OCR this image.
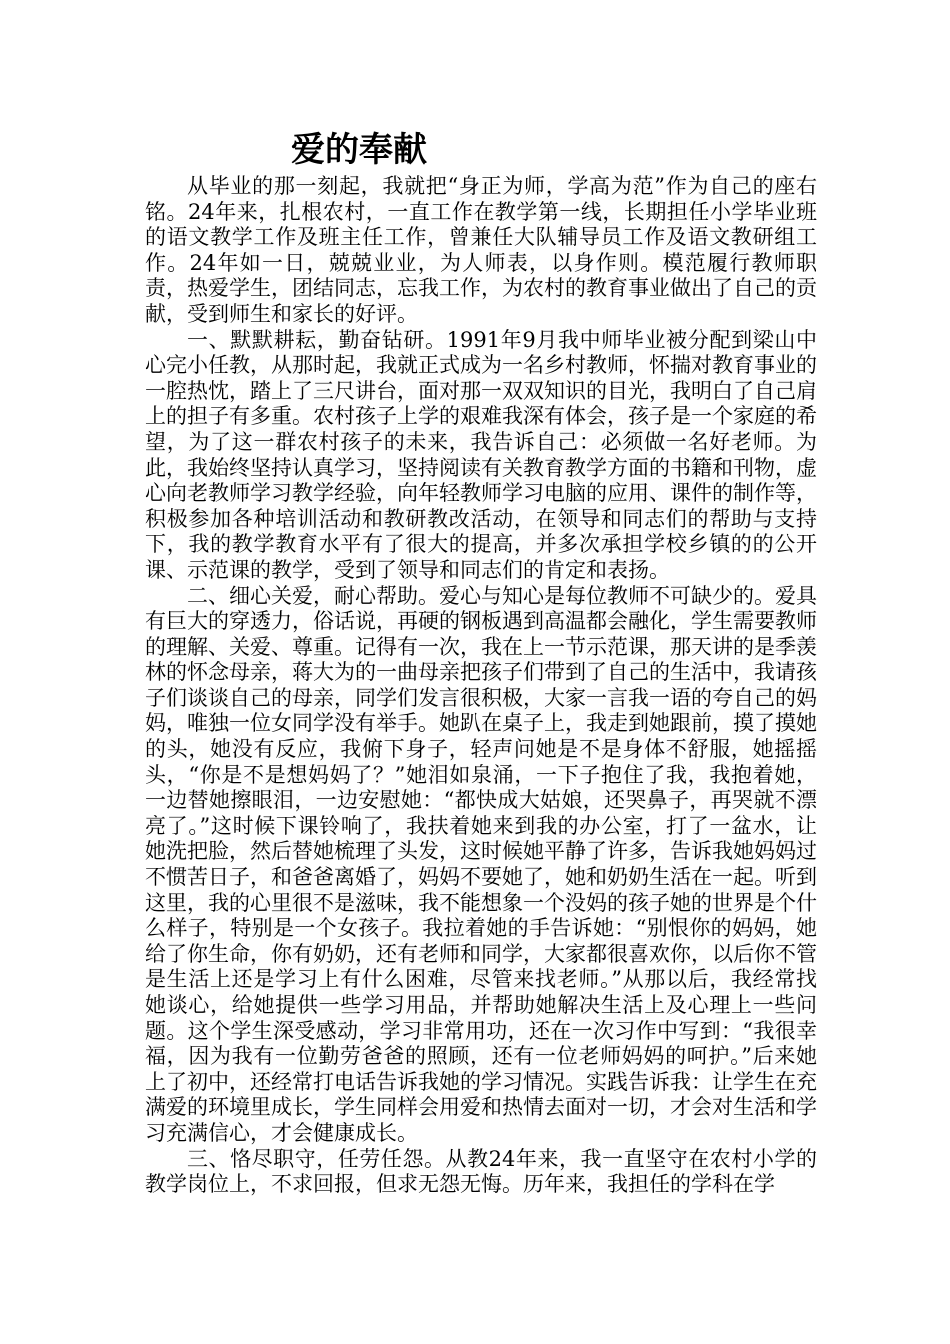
爱的奉献

从毕业的那一刻起，我就把“身正为师，学高为范”作为自己的座右铭。24年来，扎根农村，一直工作在教学第一线，长期担任小学毕业班的语文教学工作及班主任工作，曾兼任大队辅导员工作及语文教研组工作。24年如一日，兢兢业业，为人师表，以身作则。模范履行教师职责，热爱学生，团结同志，忘我工作，为农村的教育事业做出了自己的贡献，受到师生和家长的好评。

一、默默耕耘，勤奋钻研。1991年9月我中师毕业被分配到梁山中心完小任教，从那时起，我就正式成为一名乡村教师，怀揣对教育事业的一腔热忱，踏上了三尺讲台，面对那一双双知识的目光，我明白了自己肩上的担子有多重。农村孩子上学的艰难我深有体会，孩子是一个家庭的希望，为了这一群农村孩子的未来，我告诉自己：必须做一名好老师。为此，我始终坚持认真学习，坚持阅读有关教育教学方面的书籍和刊物，虚心向老教师学习教学经验，向年轻教师学习电脑的应用、课件的制作等，积极参加各种培训活动和教研教改活动，在领导和同志们的帮助与支持下，我的教学教育水平有了很大的提高，并多次承担学校乡镇的的公开课、示范课的教学，受到了领导和同志们的肯定和表扬。

二、细心关爱，耐心帮助。爱心与知心是每位教师不可缺少的。爱具有巨大的穿透力，俗话说，再硬的钢板遇到高温都会融化，学生需要教师的理解、关爱、尊重。记得有一次，我在上一节示范课，那天讲的是季羡林的怀念母亲，蒋大为的一曲母亲把孩子们带到了自己的生活中，我请孩子们谈谈自己的母亲，同学们发言很积极，大家一言我一语的夸自己的妈妈，唯独一位女同学没有举手。她趴在桌子上，我走到她跟前，摸了摸她的头，她没有反应，我俯下身子，轻声问她是不是身体不舒服，她摇摇头，“你是不是想妈妈了？”她泪如泉涌，一下子抱住了我，我抱着她，一边替她擦眼泪，一边安慰她：“都快成大姑娘，还哭鼻子，再哭就不漂亮了。”这时候下课铃响了，我扶着她来到我的办公室，打了一盆水，让她洗把脸，然后替她梳理了头发，这时候她平静了许多，告诉我她妈妈过不惯苦日子，和爸爸离婚了，妈妈不要她了，她和奶奶生活在一起。听到这里，我的心里很不是滋味，我不能想象一个没妈的孩子她的世界是个什么样子，特别是一个女孩子。我拉着她的手告诉她：“别恨你的妈妈，她给了你生命，你有奶奶，还有老师和同学，大家都很喜欢你，以后你不管是生活上还是学习上有什么困难，尽管来找老师。”从那以后，我经常找她谈心，给她提供一些学习用品，并帮助她解决生活上及心理上一些问题。这个学生深受感动，学习非常用功，还在一次习作中写到：“我很幸福，因为我有一位勤劳爸爸的照顾，还有一位老师妈妈的呵护。”后来她上了初中，还经常打电话告诉我她的学习情况。实践告诉我：让学生在充满爱的环境里成长，学生同样会用爱和热情去面对一切，才会对生活和学习充满信心，才会健康成长。

三、恪尽职守，任劳任怨。从教24年来，我一直坚守在农村小学的教学岗位上，不求回报，但求无怨无悔。历年来，我担任的学科在学
